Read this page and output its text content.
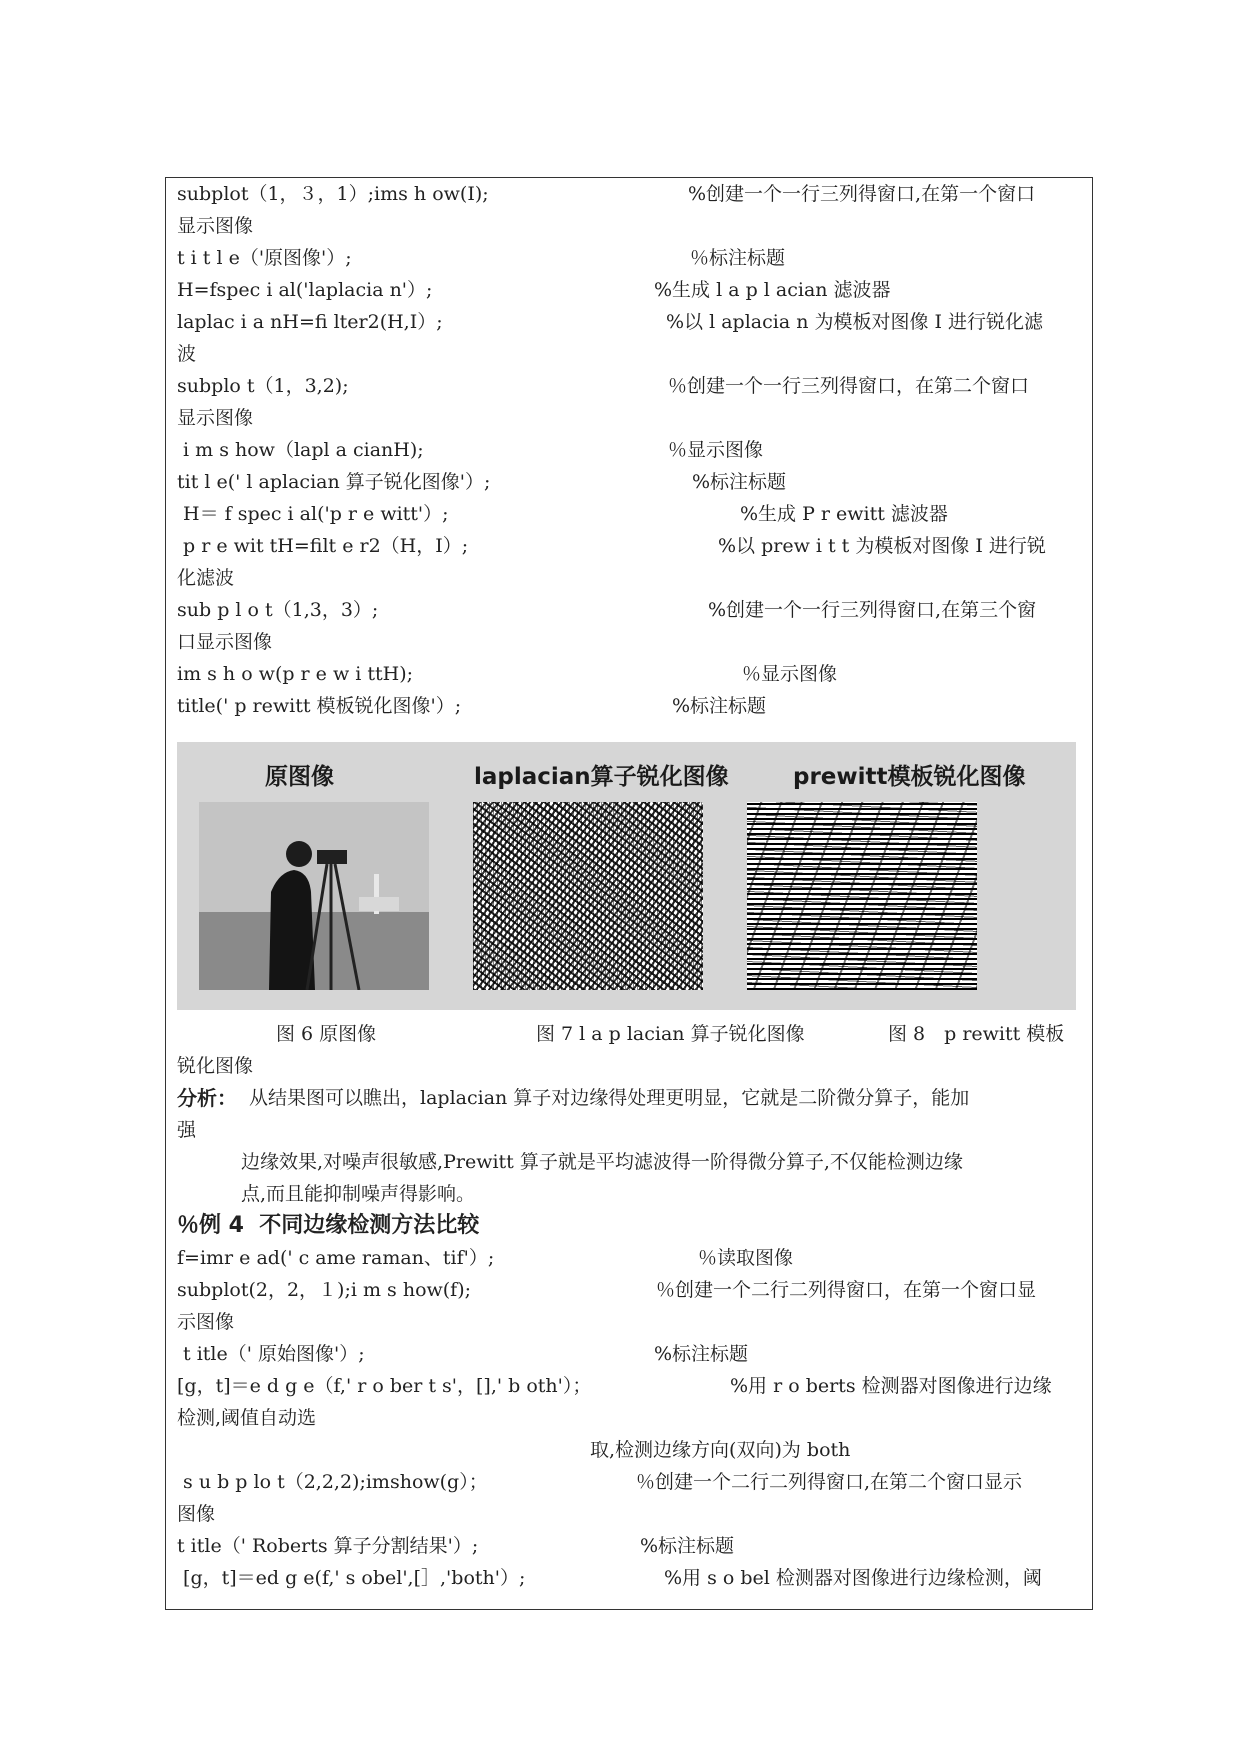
subplot（1，３，1）;ims h ow(I);	%创建一个一行三列得窗口,在第一个窗口
显示图像
t i t l e（'原图像'）;	％标注标题
H=fspec i al('laplacia n'）;	%生成 l a p l acian 滤波器
laplac i a nH=fi lter2(H,I）;	%以 l aplacia n 为模板对图像 I 进行锐化滤
波
subplo t（1，3,2);	％创建一个一行三列得窗口，在第二个窗口
显示图像
i m s how（lapl a cianH);	％显示图像
tit l e(' l aplacian 算子锐化图像'）;	%标注标题
H＝ f spec i al('p r e witt'）;	%生成 P r ewitt 滤波器
p r e wit tH=filt e r2（H，I）;	%以 prew i t t 为模板对图像 I 进行锐
化滤波
sub p l o t（1,3，3）;	%创建一个一行三列得窗口,在第三个窗
口显示图像
im s h o w(p r e w i ttH);	％显示图像
title(' p rewitt 模板锐化图像'）;	%标注标题
原图像	laplacian算子锐化图像	prewitt模板锐化图像
图 6 原图像	图 7 l a p lacian 算子锐化图像	图 8　p rewitt 模板
锐化图像
分析： 从结果图可以瞧出，laplacian 算子对边缘得处理更明显，它就是二阶微分算子，能加
强
边缘效果,对噪声很敏感,Prewitt 算子就是平均滤波得一阶得微分算子,不仅能检测边缘
点,而且能抑制噪声得影响。
％例 4  不同边缘检测方法比较
f=imr e ad(' c ame raman、tif'）;	％读取图像
subplot(2，2，１);i m s how(f);	％创建一个二行二列得窗口，在第一个窗口显
示图像
t itle（' 原始图像'）;	%标注标题
[g，t]＝e d g e（f,' r o ber t s'，[],' b oth'）；	%用 r o berts 检测器对图像进行边缘
检测,阈值自动选
取,检测边缘方向(双向)为 both
s u b p lo t（2,2,2);imshow(g）；	％创建一个二行二列得窗口,在第二个窗口显示
图像
t itle（' Roberts 算子分割结果'）;	%标注标题
[g，t]＝ed g e(f,' s obel',[］,'both'）;	%用 s o bel 检测器对图像进行边缘检测，阈
